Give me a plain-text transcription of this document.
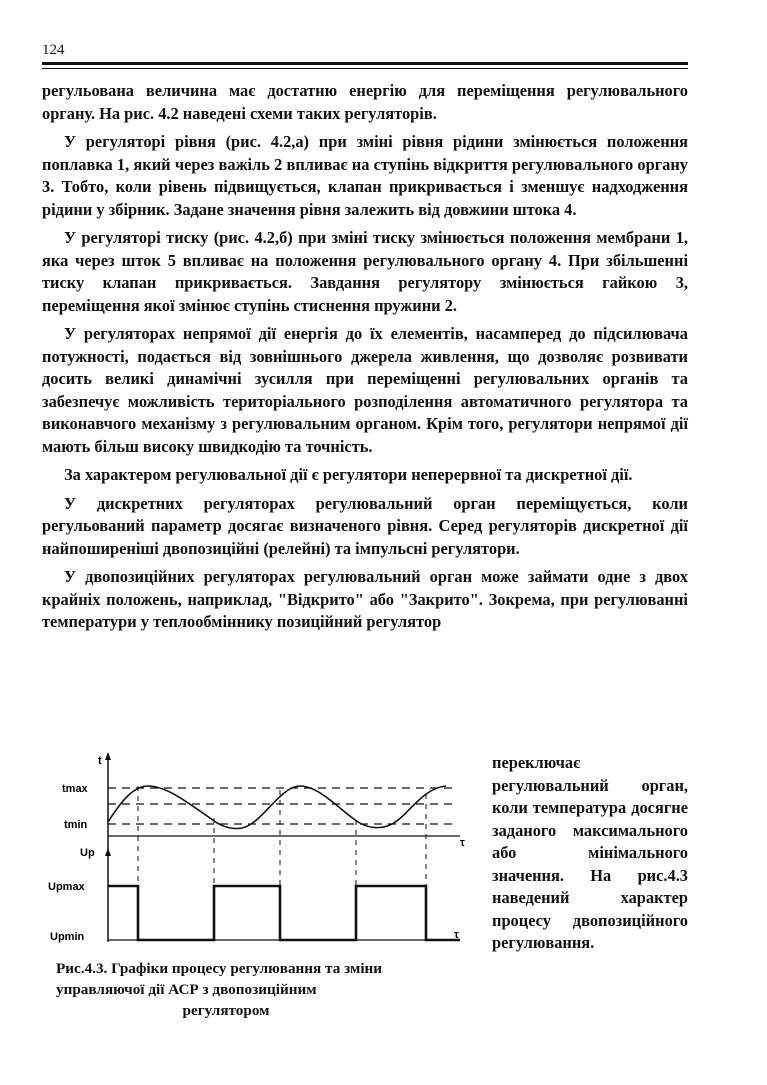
124

регульована величина має достатню енергію для переміщення регулювального органу. На рис. 4.2 наведені схеми таких регуляторів.

У регуляторі рівня (рис. 4.2,а) при зміні рівня рідини змінюється положення поплавка 1, який через важіль 2 впливає на ступінь відкриття регулювального органу 3. Тобто, коли рівень підвищується, клапан прикривається і зменшує надходження рідини у збірник. Задане значення рівня залежить від довжини штока 4.

У регуляторі тиску (рис. 4.2,б) при зміні тиску змінюється положення мембрани 1, яка через шток 5 впливає на положення регулювального органу 4. При збільшенні тиску клапан прикривається. Завдання регулятору змінюється гайкою 3, переміщення якої змінює ступінь стиснення пружини 2.

У регуляторах непрямої дії енергія до їх елементів, насамперед до підсилювача потужності, подається від зовнішнього джерела живлення, що дозволяє розвивати досить великі динамічні зусилля при переміщенні регулювальних органів та забезпечує можливість територіального розподілення автоматичного регулятора та виконавчого механізму з регулювальним органом. Крім того, регулятори непрямої дії мають більш високу швидкодію та точність.

За характером регулювальної дії є регулятори неперервної та дискретної дії.

У дискретних регуляторах регулювальний орган переміщується, коли регульований параметр досягає визначеного рівня. Серед регуляторів дискретної дії найпоширеніші двопозиційні (релейні) та імпульсні регулятори.

У двопозиційних регуляторах регулювальний орган може займати одне з двох крайніх положень, наприклад, "Відкрито" або "Закрито". Зокрема, при регулюванні температури у теплообміннику позиційний регулятор

переключає регулювальний орган, коли температура досягне заданого максимального або мінімального значення. На рис.4.3 наведений характер процесу двопозиційного регулювання.
t
tmax
tmin
Up
Upmax
Upmin
τ
τ
Рис.4.3. Графіки процесу регулювання та зміни
управляючої дії АСР з двопозиційним

регулятором
